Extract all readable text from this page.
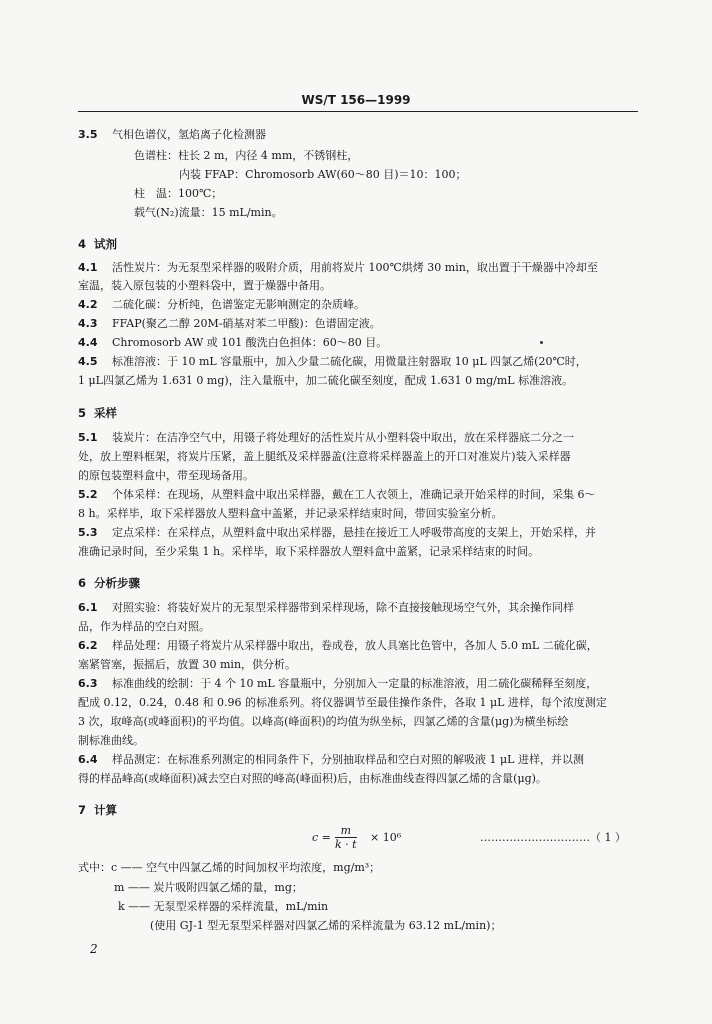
WS/T 156—1999
3.5 气相色谱仪，氢焰离子化检测器
色谱柱：柱长 2 m，内径 4 mm，不锈钢柱，
内装 FFAP：Chromosorb AW(60～80 目)＝10：100；
柱　温：100℃；
载气(N₂)流量：15 mL/min。
4 试剂
4.1 活性炭片：为无泵型采样器的吸附介质，用前将炭片 100℃烘烤 30 min，取出置于干燥器中冷却至
室温，装入原包装的小塑料袋中，置于燥器中备用。
4.2 二硫化碳：分析纯，色谱鉴定无影响测定的杂质峰。
4.3 FFAP(聚乙二醇 20M-硝基对苯二甲酸)：色谱固定液。
4.4 Chromosorb AW 或 101 酸洗白色担体：60～80 目。
4.5 标准溶液：于 10 mL 容量瓶中，加入少量二硫化碳，用微量注射器取 10 μL 四氯乙烯(20℃时，
1 μL四氯乙烯为 1.631 0 mg)，注入量瓶中，加二硫化碳至刻度，配成 1.631 0 mg/mL 标准溶液。
5 采样
5.1 装炭片：在洁净空气中，用镊子将处理好的活性炭片从小塑料袋中取出，放在采样器底二分之一
处，放上塑料框架，将炭片压紧，盖上腿纸及采样器盖(注意将采样器盖上的开口对准炭片)装入采样器
的原包装塑料盒中，带至现场备用。
5.2 个体采样：在现场，从塑料盒中取出采样器，戴在工人衣领上，准确记录开始采样的时间，采集 6～
8 h。采样毕，取下采样器放人塑料盒中盖紧，并记录采样结束时间，带回实验室分析。
5.3 定点采样：在采样点，从塑料盒中取出采样器，悬挂在接近工人呼吸带高度的支架上，开始采样，并
准确记录时间，至少采集 1 h。采样毕，取下采样器放人塑料盒中盖紧，记录采样结束的时间。
6 分析步骤
6.1 对照实验：将装好炭片的无泵型采样器带到采样现场，除不直接接触现场空气外，其余操作同样
品，作为样品的空白对照。
6.2 样品处理：用镊子将炭片从采样器中取出，卷成卷，放人具塞比色管中，各加人 5.0 mL 二硫化碳，
塞紧管塞，振摇后，放置 30 min，供分析。
6.3 标准曲线的绘制：于 4 个 10 mL 容量瓶中，分别加入一定量的标准溶液，用二硫化碳稀释至刻度，
配成 0.12，0.24，0.48 和 0.96 的标准系列。将仪器调节至最佳操作条件，各取 1 μL 进样，每个浓度测定
3 次，取峰高(或峰面积)的平均值。以峰高(峰面积)的均值为纵坐标，四氯乙烯的含量(μg)为横坐标绘
制标准曲线。
6.4 样品测定：在标准系列测定的相同条件下，分别抽取样品和空白对照的解吸液 1 μL 进样，并以测
得的样品峰高(或峰面积)减去空白对照的峰高(峰面积)后，由标准曲线查得四氯乙烯的含量(μg)。
7 计算
$c = \frac{m}{k \cdot t} \times 10^6$	…………………………（ 1 ）
式中：c —— 空气中四氯乙烯的时间加权平均浓度，mg/m³；
m —— 炭片吸附四氯乙烯的量，mg；
k —— 无泵型采样器的采样流量，mL/min
(使用 GJ-1 型无泵型采样器对四氯乙烯的采样流量为 63.12 mL/min)；
2
